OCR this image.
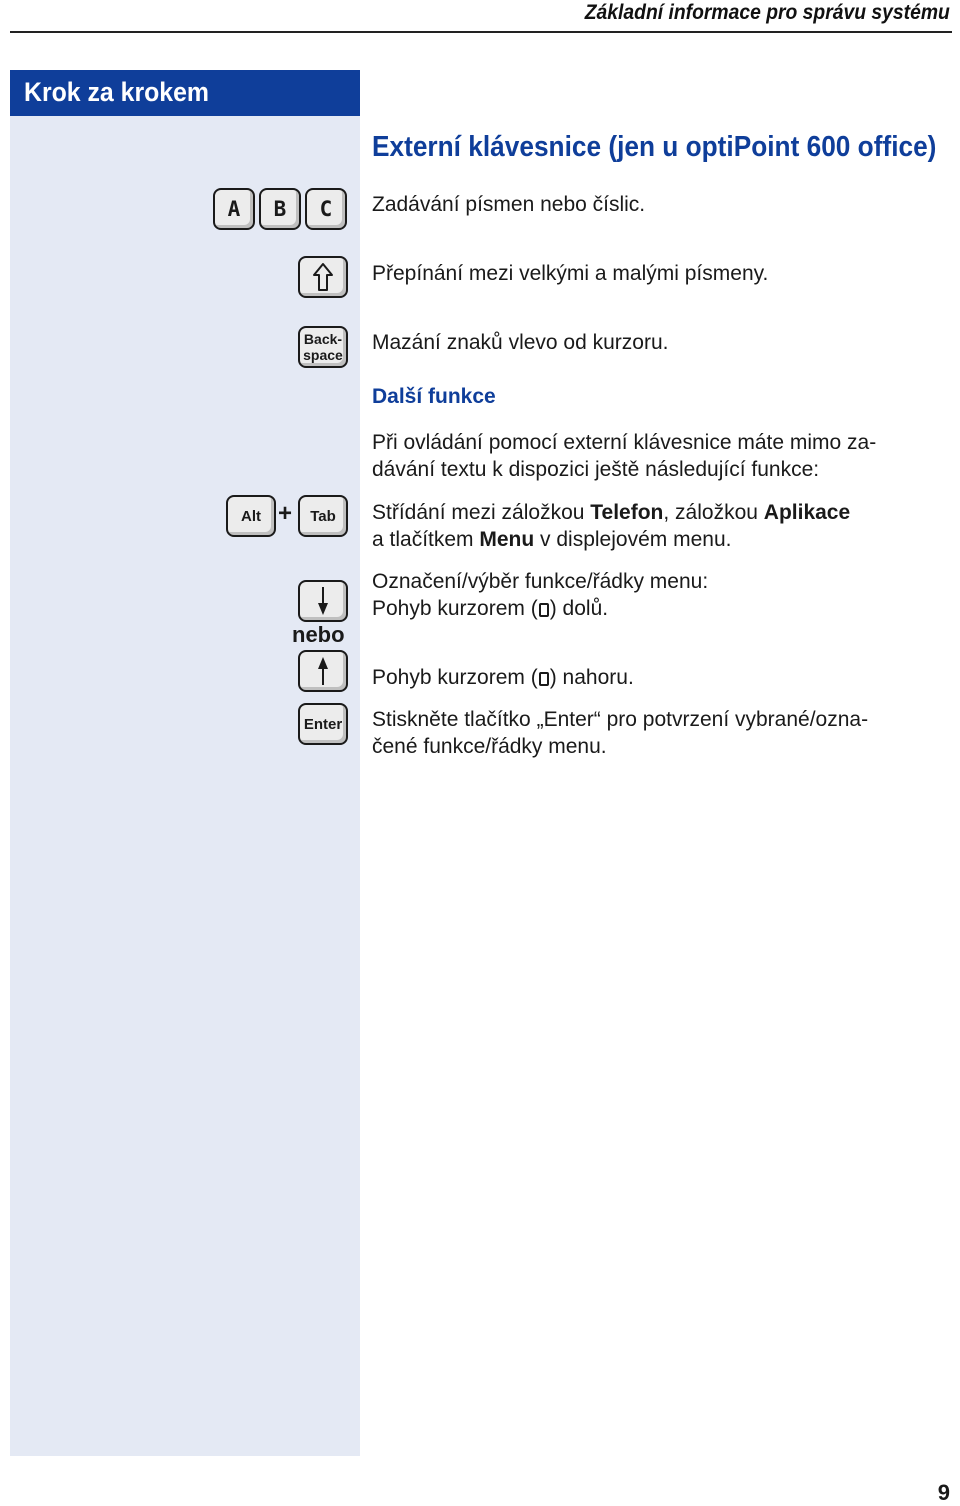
Základní informace pro správu systému
Krok za krokem
Externí klávesnice (jen u optiPoint 600 office)
A	B	C	Zadávání písmen nebo číslic.
Přepínání mezi velkými a malými písmeny.
Back-
space
Mazání znaků vlevo od kurzoru.
Další funkce
Při ovládání pomocí externí klávesnice máte mimo za-
dávání textu k dispozici ještě následující funkce:
Alt +	Tab	Střídání mezi záložkou Telefon, záložkou Aplikace
a tlačítkem Menu v displejovém menu.
Označení/výběr funkce/řádky menu:
Pohyb kurzorem ( ) dolů.
nebo
Pohyb kurzorem ( ) nahoru.
Enter Stiskněte tlačítko „Enter“ pro potvrzení vybrané/ozna-
čené funkce/řádky menu.
9
